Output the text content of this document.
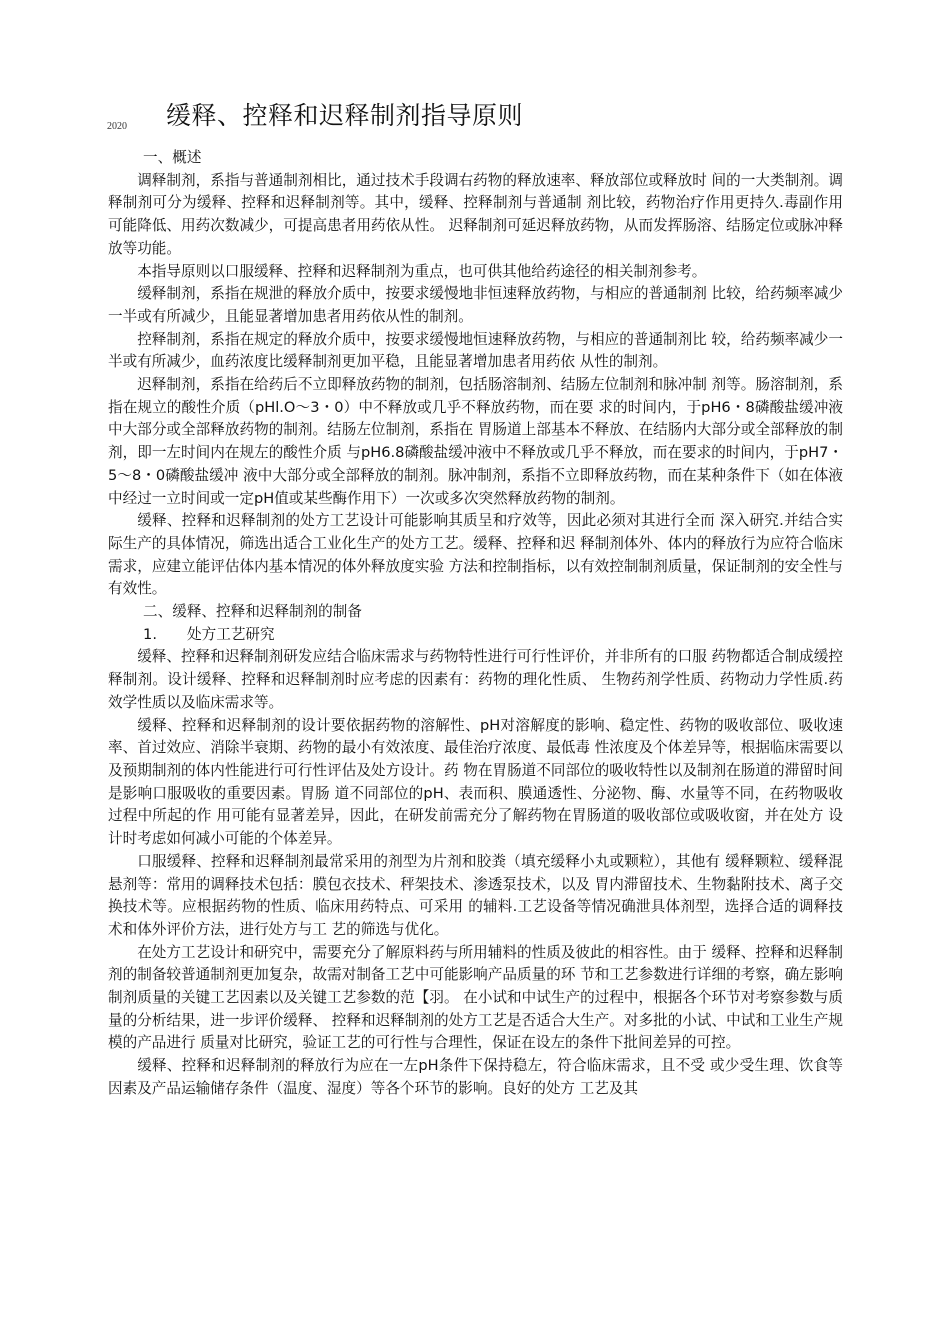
2020 缓释、控释和迟释制剂指导原则

一、概述

调释制剂，系指与普通制剂相比，通过技术手段调右药物的释放速率、释放部位或释放时 间的一大类制剂。调释制剂可分为缓释、控释和迟释制剂等。其中，缓释、控释制剂与普通制 剂比较，药物治疗作用更持久.毒副作用可能降低、用药次数减少，可提高患者用药依从性。 迟释制剂可延迟释放药物，从而发挥肠溶、结肠定位或脉冲释放等功能。

本指导原则以口服缓释、控释和迟释制剂为重点，也可供其他给药途径的相关制剂参考。

缓释制剂，系指在规泄的释放介质中，按要求缓慢地非恒速释放药物，与相应的普通制剂 比较，给药频率减少一半或有所减少，且能显著增加患者用药依从性的制剂。

控释制剂，系指在规定的释放介质中，按要求缓慢地恒速释放药物，与相应的普通制剂比 较，给药频率减少一半或有所减少，血药浓度比缓释制剂更加平稳，且能显著增加患者用药依 从性的制剂。

迟释制剂，系指在给药后不立即释放药物的制剂，包括肠溶制剂、结肠左位制剂和脉冲制 剂等。肠溶制剂，系指在规立的酸性介质（pHl.O〜3・0）中不释放或几乎不释放药物，而在要 求的时间内，于pH6・8磷酸盐缓冲液中大部分或全部释放药物的制剂。结肠左位制剂，系指在 胃肠道上部基本不释放、在结肠内大部分或全部释放的制剂，即一左时间内在规左的酸性介质 与pH6.8磷酸盐缓冲液中不释放或几乎不释放，而在要求的时间内，于pH7・5〜8・0磷酸盐缓冲 液中大部分或全部释放的制剂。脉冲制剂，系指不立即释放药物，而在某种条件下（如在体液中经过一立时间或一定pH值或某些酶作用下）一次或多次突然释放药物的制剂。

缓释、控释和迟释制剂的处方工艺设计可能影响其质呈和疗效等，因此必须对其进行全而 深入研究.并结合实际生产的具体情况，筛选出适合工业化生产的处方工艺。缓释、控释和迟 释制剂体外、体内的释放行为应符合临床需求，应建立能评估体内基本情况的体外释放度实验 方法和控制指标，以有效控制制剂质量，保证制剂的安全性与有效性。

二、缓释、控释和迟释制剂的制备

1. 处方工艺研究

缓释、控释和迟释制剂研发应结合临床需求与药物特性进行可行性评价，并非所有的口服 药物都适合制成缓控释制剂。设计缓释、控释和迟释制剂时应考虑的因素有：药物的理化性质、 生物药剂学性质、药物动力学性质.药效学性质以及临床需求等。

缓释、控释和迟释制剂的设计要依据药物的溶解性、pH对溶解度的影响、稳定性、药物的吸收部位、吸收速率、首过效应、消除半衰期、药物的最小有效浓度、最佳治疗浓度、最低毒 性浓度及个体差异等，根据临床需要以及预期制剂的体内性能进行可行性评估及处方设计。药 物在胃肠道不同部位的吸收特性以及制剂在肠道的滞留时间是影响口服吸收的重要因素。胃肠 道不同部位的pH、表而积、膜通透性、分泌物、酶、水量等不同，在药物吸收过程中所起的作 用可能有显著差异，因此，在研发前需充分了解药物在胃肠道的吸收部位或吸收窗，并在处方 设计时考虑如何减小可能的个体差异。

口服缓释、控释和迟释制剂最常采用的剂型为片剂和胶粪（填充缓释小丸或颗粒），其他有 缓释颗粒、缓释混悬剂等：常用的调释技术包括：膜包衣技术、秤架技术、渗透泵技术，以及 胃内滞留技术、生物黏附技术、离子交换技术等。应根据药物的性质、临床用药特点、可采用 的辅料.工艺设备等情况确泄具体剂型，选择合适的调释技术和体外评价方法，进行处方与工 艺的筛选与优化。

在处方工艺设计和研究中，需要充分了解原料药与所用辅料的性质及彼此的相容性。由于 缓释、控释和迟释制剂的制备较普通制剂更加复杂，故需对制备工艺中可能影响产品质量的环 节和工艺参数进行详细的考察，确左影响制剂质量的关键工艺因素以及关键工艺参数的范【羽。 在小试和中试生产的过程中，根据各个环节对考察参数与质量的分析结果，进一步评价缓释、 控释和迟释制剂的处方工艺是否适合大生产。对多批的小试、中试和工业生产规模的产品进行 质量对比研究，验证工艺的可行性与合理性，保证在设左的条件下批间差异的可控。

缓释、控释和迟释制剂的释放行为应在一左pH条件下保持稳左，符合临床需求，且不受 或少受生理、饮食等因素及产品运输储存条件（温度、湿度）等各个环节的影响。良好的处方 工艺及其
